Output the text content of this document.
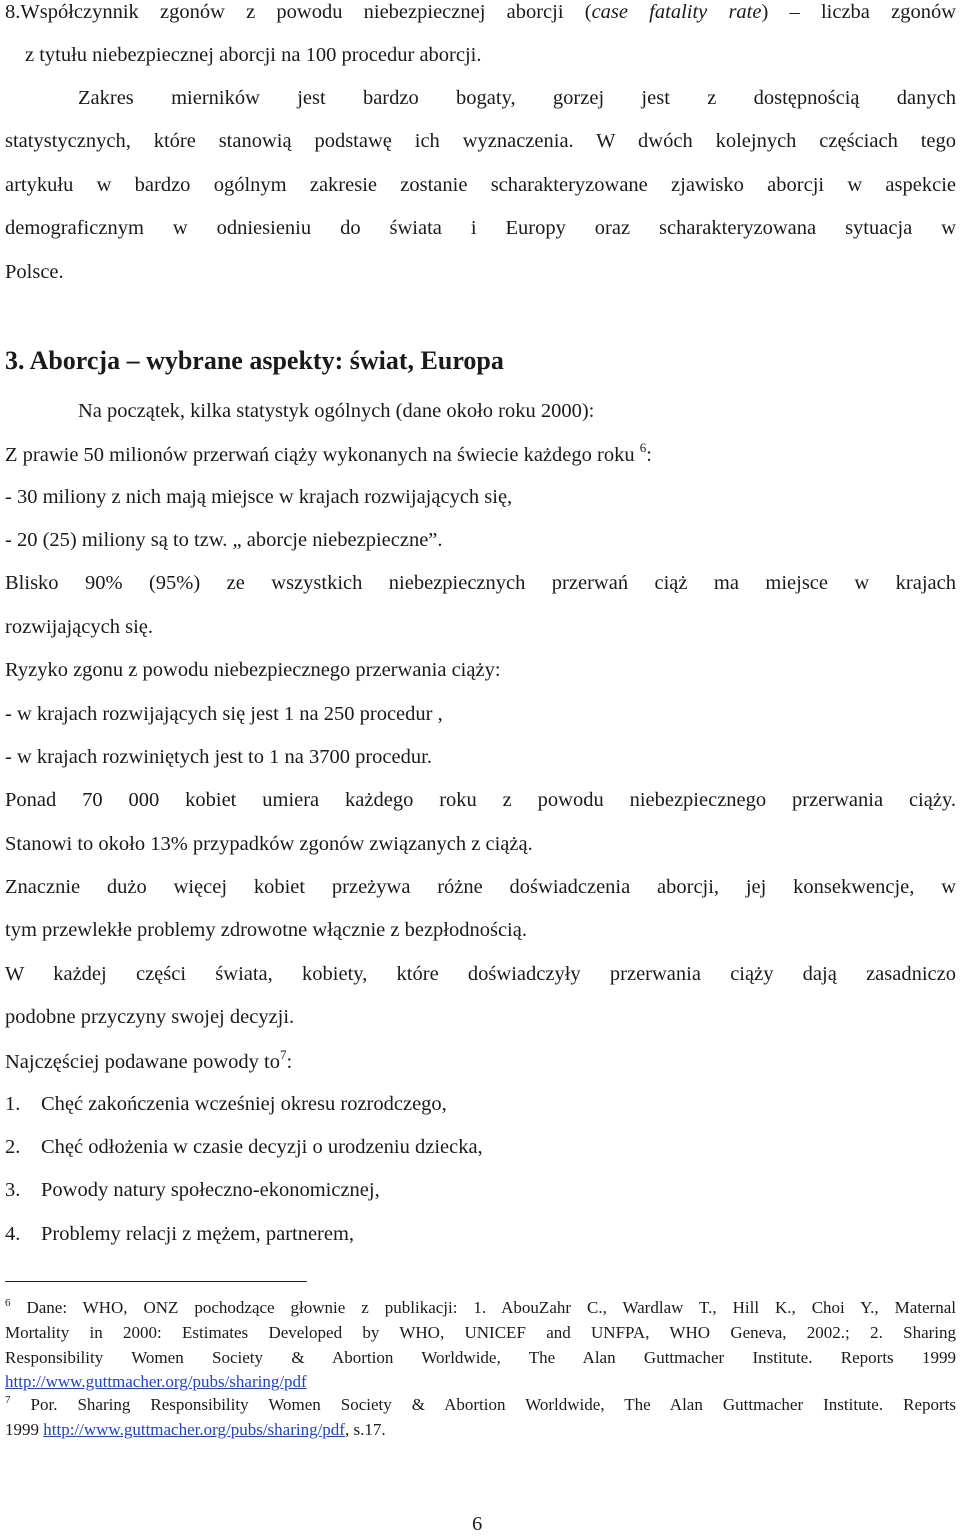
8.Współczynnik zgonów z powodu niebezpiecznej aborcji (case fatality rate) – liczba zgonów
z tytułu niebezpiecznej aborcji na 100 procedur aborcji.
Zakres mierników jest bardzo bogaty, gorzej jest z dostępnością danych
statystycznych, które stanowią podstawę ich wyznaczenia. W dwóch kolejnych częściach tego
artykułu w bardzo ogólnym zakresie zostanie scharakteryzowane zjawisko aborcji w aspekcie
demograficznym w odniesieniu do świata i Europy oraz scharakteryzowana sytuacja w
Polsce.
3. Aborcja – wybrane aspekty: świat, Europa
Na początek, kilka statystyk ogólnych (dane około roku 2000):
Z prawie 50 milionów przerwań ciąży wykonanych na świecie każdego roku $^6$:
- 30 miliony z nich mają miejsce w krajach rozwijających się,
- 20 (25) miliony są to tzw. „ aborcje niebezpieczne”.
Blisko 90% (95%) ze wszystkich niebezpiecznych przerwań ciąż ma miejsce w krajach
rozwijających się.
Ryzyko zgonu z powodu niebezpiecznego przerwania ciąży:
- w krajach rozwijających się jest 1 na 250 procedur ,
- w krajach rozwiniętych jest to 1 na 3700 procedur.
Ponad 70 000 kobiet umiera każdego roku z powodu niebezpiecznego przerwania ciąży.
Stanowi to około 13% przypadków zgonów związanych z ciążą.
Znacznie dużo więcej kobiet przeżywa różne doświadczenia aborcji, jej konsekwencje, w
tym przewlekłe problemy zdrowotne włącznie z bezpłodnością.
W każdej części świata, kobiety, które doświadczyły przerwania ciąży dają zasadniczo
podobne przyczyny swojej decyzji.
Najczęściej podawane powody $to^7$:
1. Chęć zakończenia wcześniej okresu rozrodczego,
2. Chęć odłożenia w czasie decyzji o urodzeniu dziecka,
3. Powody natury społeczno-ekonomicznej,
4. Problemy relacji z mężem, partnerem,
$^6$ Dane: WHO, ONZ pochodzące głownie z publikacji: 1. AbouZahr C., Wardlaw T., Hill K., Choi Y., Maternal
Mortality in 2000: Estimates Developed by WHO, UNICEF and UNFPA, WHO Geneva, 2002.; 2. Sharing
Responsibility Women Society & Abortion Worldwide, The Alan Guttmacher Institute. Reports 1999
http://www.guttmacher.org/pubs/sharing/pdf
$^7$ Por. Sharing Responsibility Women Society & Abortion Worldwide, The Alan Guttmacher Institute. Reports
1999 http://www.guttmacher.org/pubs/sharing/pdf, s.17.
6
